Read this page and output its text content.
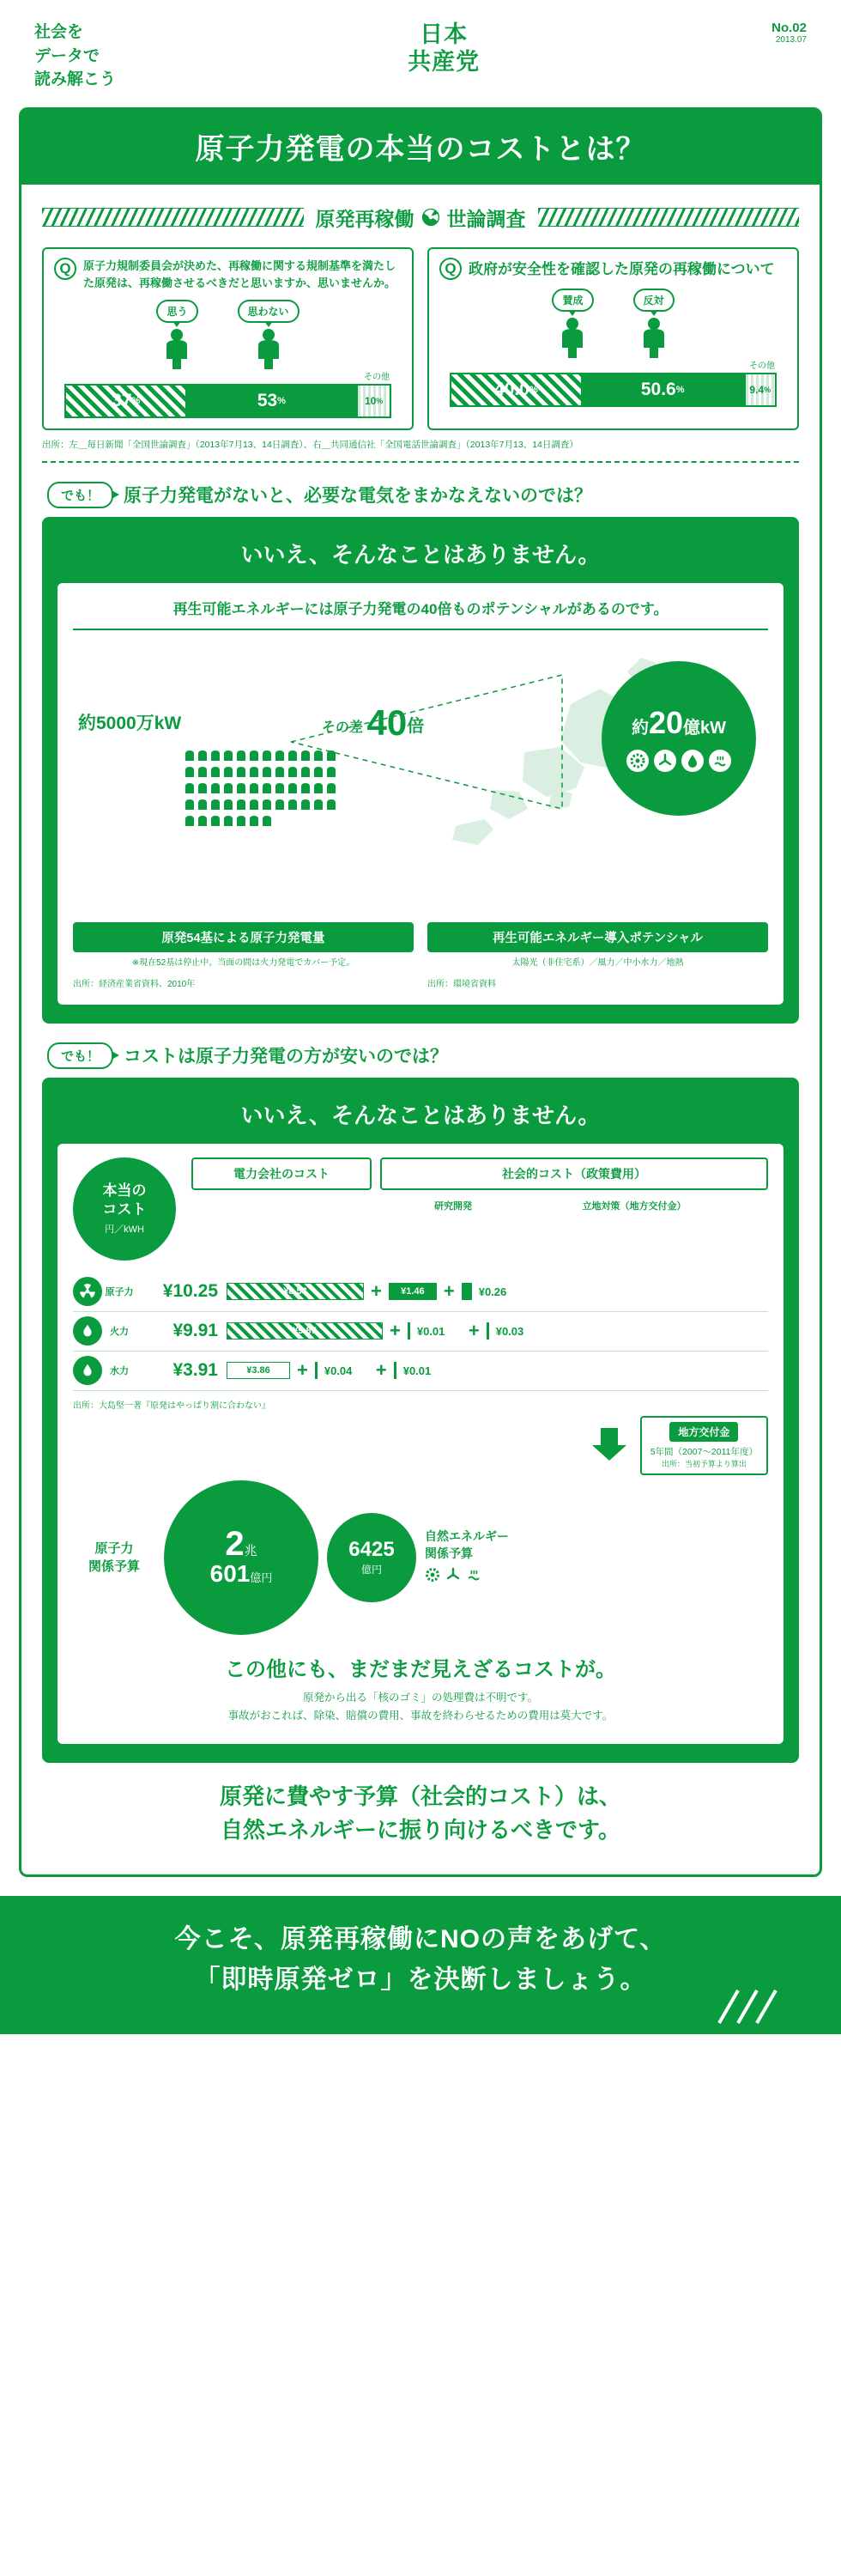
社会を
データで
読み解こう
日本
共産党
No.02
2013.07
原子力発電の本当のコストとは？
原発再稼働 世論調査
Q	原子力規制委員会が決めた、再稼働に関する規制基準を満たした原発は、再稼働させるべきだと思いますか、思いませんか。
思う	思わない
その他
37 %	53 %	10 %
Q 政府が安全性を確認した原発の再稼働について
賛成	反対
その他
40.0 %	50.6 %	9.4 %
出所：左＿毎日新聞「全国世論調査」（2013年7月13、14日調査）、右＿共同通信社「全国電話世論調査」（2013年7月13、14日調査）
でも！	原子力発電がないと、必要な電気をまかなえないのでは？
いいえ、そんなことはありません。
再生可能エネルギーには原子力発電の40倍ものポテンシャルがあるのです。
約5000万kW	その差 40倍	約20億kW
原発54基による原子力発電量
※現在52基は停止中。当面の間は火力発電でカバー予定。
出所：経済産業省資料、2010年
再生可能エネルギー導入ポテンシャル
太陽光（非住宅系）／風力／中小水力／地熱
出所：環境省資料
でも！	コストは原子力発電の方が安いのでは？
いいえ、そんなことはありません。
本当の
コスト
円／kWH
電力会社のコスト	社会的コスト（政策費用）
研究開発	立地対策（地方交付金）
原子力	¥10.25	¥8.53	+	¥1.46	+ ¥0.26
火力	¥9.91	¥9.87	+ ¥0.01	+ ¥0.03
水力	¥3.91	¥3.86	+ ¥0.04	+ ¥0.01
出所：大島堅一著『原発はやっぱり割に合わない』
地方交付金
5年間（2007〜2011年度）
出所：当初予算より算出
原子力
関係予算
2兆
601億円
6425
億円
自然エネルギー
関係予算
この他にも、まだまだ見えざるコストが。
原発から出る「核のゴミ」の処理費は不明です。
事故がおこれば、除染、賠償の費用、事故を終わらせるための費用は莫大です。
原発に費やす予算（社会的コスト）は、
自然エネルギーに振り向けるべきです。
今こそ、原発再稼働にNOの声をあげて、
「即時原発ゼロ」を決断しましょう。
